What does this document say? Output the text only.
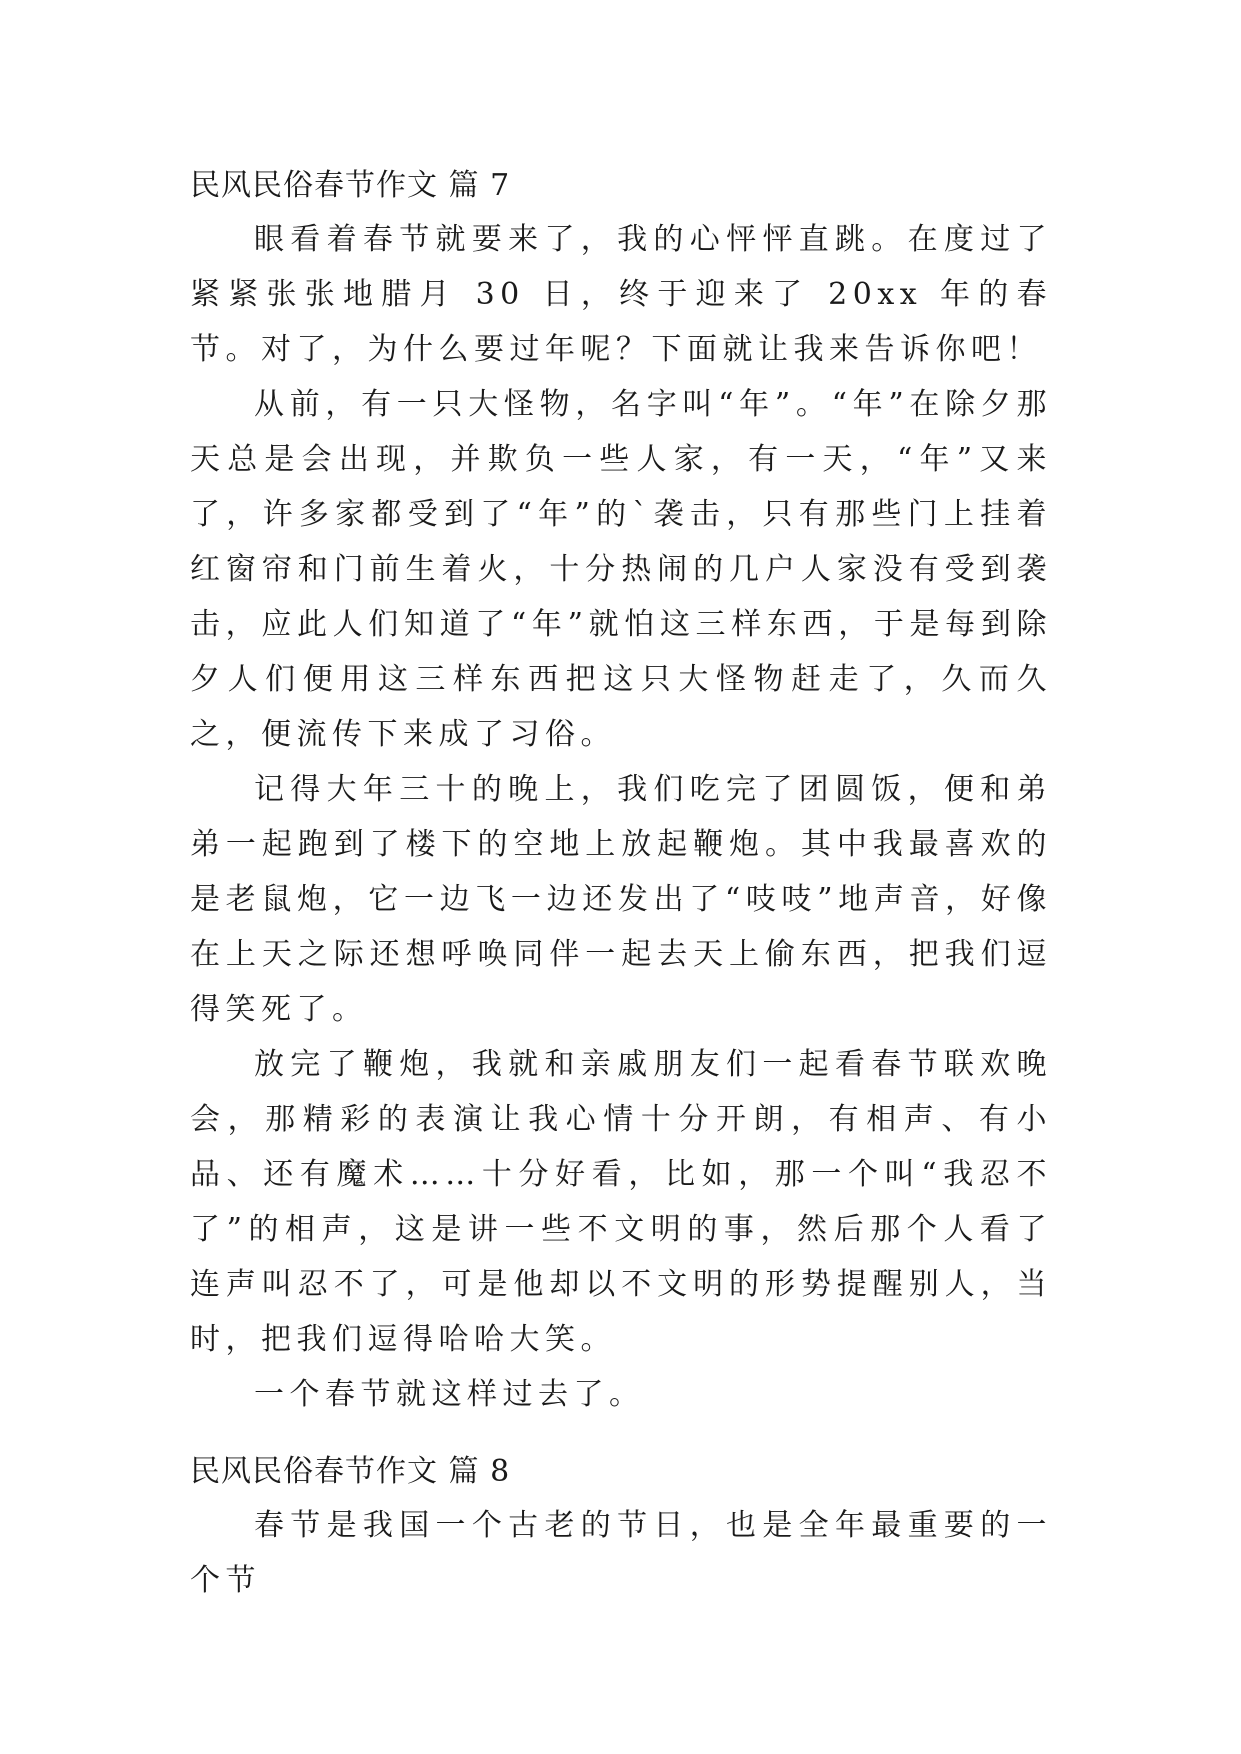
民风民俗春节作文 篇 7

眼看着春节就要来了，我的心怦怦直跳。在度过了紧紧张张地腊月 30 日，终于迎来了 20xx 年的春节。对了，为什么要过年呢？下面就让我来告诉你吧！

从前，有一只大怪物，名字叫“年”。“年”在除夕那天总是会出现，并欺负一些人家，有一天，“年”又来了，许多家都受到了“年”的`袭击，只有那些门上挂着红窗帘和门前生着火，十分热闹的几户人家没有受到袭击，应此人们知道了“年”就怕这三样东西，于是每到除夕人们便用这三样东西把这只大怪物赶走了，久而久之，便流传下来成了习俗。

记得大年三十的晚上，我们吃完了团圆饭，便和弟弟一起跑到了楼下的空地上放起鞭炮。其中我最喜欢的是老鼠炮，它一边飞一边还发出了“吱吱”地声音，好像在上天之际还想呼唤同伴一起去天上偷东西，把我们逗得笑死了。

放完了鞭炮，我就和亲戚朋友们一起看春节联欢晚会，那精彩的表演让我心情十分开朗，有相声、有小品、还有魔术……十分好看，比如，那一个叫“我忍不了”的相声，这是讲一些不文明的事，然后那个人看了连声叫忍不了，可是他却以不文明的形势提醒别人，当时，把我们逗得哈哈大笑。

一个春节就这样过去了。

民风民俗春节作文 篇 8

春节是我国一个古老的节日，也是全年最重要的一个节
